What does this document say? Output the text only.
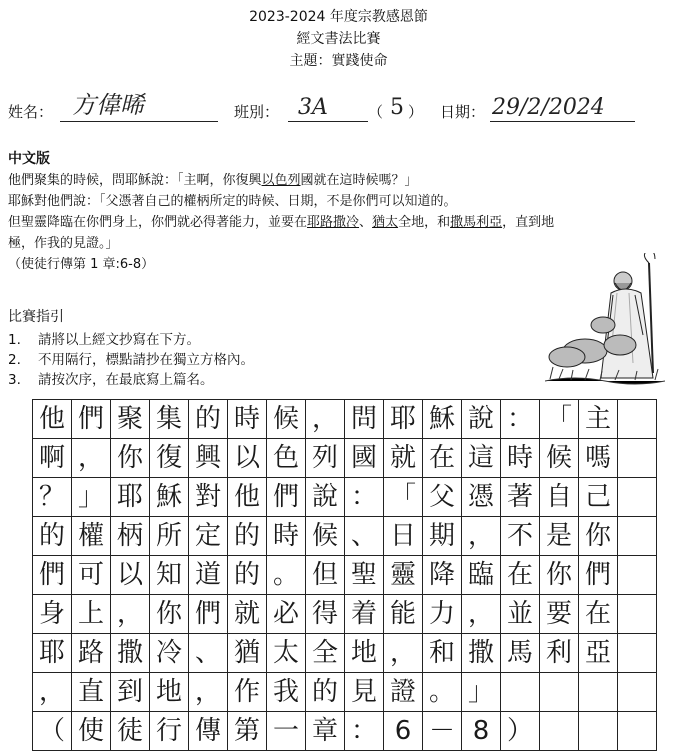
2023-2024 年度宗教感恩節
經文書法比賽
主題：實踐使命
姓名： 方偉晞	班別： 3A	（ 5 ） 日期： 29/2/2024
中文版

他們聚集的時候，問耶穌說：「主啊，你復興以色列國就在這時候嗎？」

耶穌對他們說：「父憑著自己的權柄所定的時候、日期，不是你們可以知道的。

但聖靈降臨在你們身上，你們就必得著能力，並要在耶路撒冷、猶太全地，和撒馬利亞，直到地

極，作我的見證。」

（使徒行傳第 1 章:6-8）

比賽指引
1. 請將以上經文抄寫在下方。
2. 不用隔行，標點請抄在獨立方格內。
3. 請按次序，在最底寫上篇名。
他 們 聚 集 的 時 候 ， 問 耶 穌 說 ： 「 主
啊 ， 你 復 興 以 色 列 國 就 在 這 時 候 嗎
？ 」 耶 穌 對 他 們 說 ： 「 父 憑 著 自 己
的 權 柄 所 定 的 時 候 、 日 期 ， 不 是 你
們 可 以 知 道 的 。 但 聖 靈 降 臨 在 你 們
身 上 ， 你 們 就 必 得 着 能 力 ， 並 要 在
耶 路 撒 冷 、 猶 太 全 地 ， 和 撒 馬 利 亞
， 直 到 地 ， 作 我 的 見 證 。 」
（ 使 徒 行 傳 第 一 章 ： 6 － 8 ）
